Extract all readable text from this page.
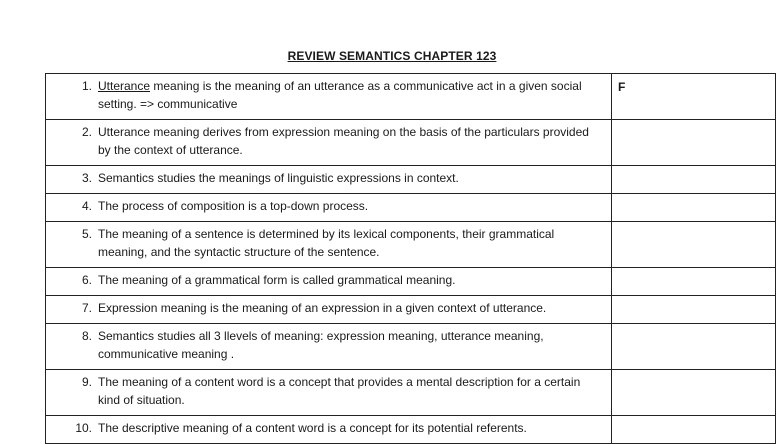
REVIEW SEMANTICS CHAPTER 123
1. Utterance meaning is the meaning of an utterance as a communicative act in a given social setting. => communicative	F

2. Utterance meaning derives from expression meaning on the basis of the particulars provided by the context of utterance.	

3. Semantics studies the meanings of linguistic expressions in context.	

4. The process of composition is a top-down process.	

5. The meaning of a sentence is determined by its lexical components, their grammatical meaning, and the syntactic structure of the sentence.	

6. The meaning of a grammatical form is called grammatical meaning.	

7. Expression meaning is the meaning of an expression in a given context of utterance.	

8. Semantics studies all 3 llevels of meaning: expression meaning, utterance meaning, communicative meaning .	

9. The meaning of a content word is a concept that provides a mental description for a certain kind of situation.	

10. The descriptive meaning of a content word is a concept for its potential referents.	
